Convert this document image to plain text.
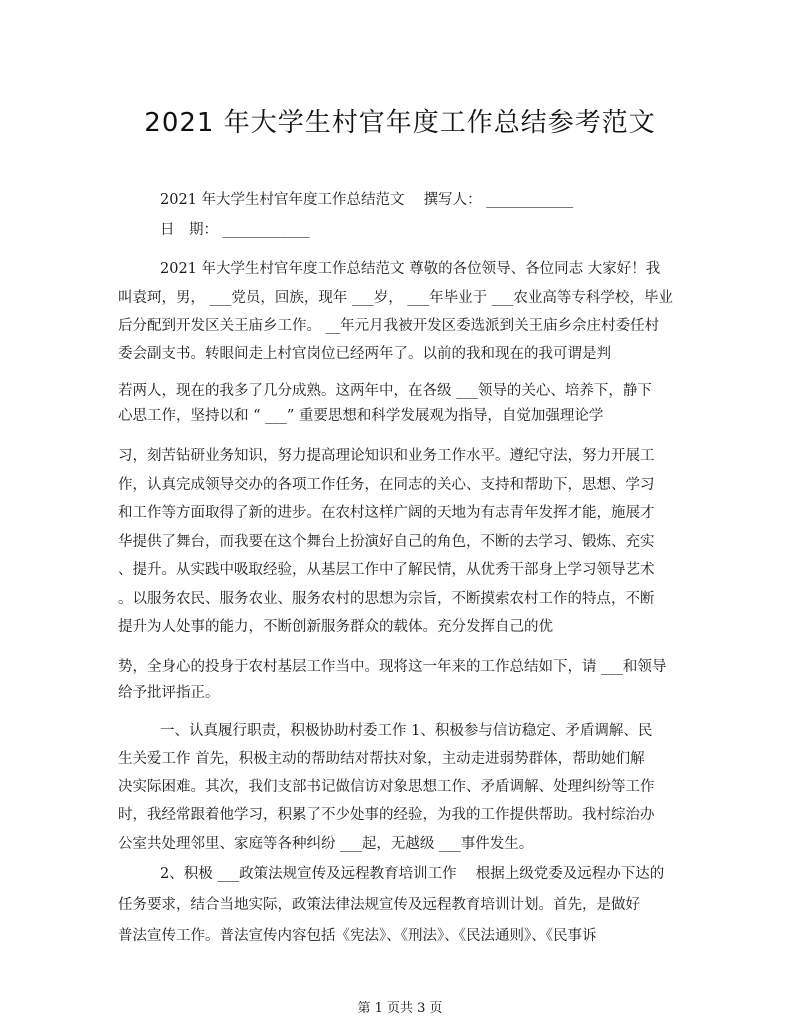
2021 年大学生村官年度工作总结参考范文
2021 年大学生村官年度工作总结范文　 撰写人： ____________
日　期： ____________
2021 年大学生村官年度工作总结范文 尊敬的各位领导、各位同志 大家好！我
叫袁珂，男， ___党员，回族，现年 ___岁， ___年毕业于 ___农业高等专科学校，毕业
后分配到开发区关王庙乡工作。 __年元月我被开发区委选派到关王庙乡佘庄村委任村
委会副支书。转眼间走上村官岗位已经两年了。以前的我和现在的我可谓是判
若两人，现在的我多了几分成熟。这两年中，在各级 ___领导的关心、培养下，静下
心思工作，坚持以和 “ ___” 重要思想和科学发展观为指导，自觉加强理论学
习，刻苦钻研业务知识，努力提高理论知识和业务工作水平。遵纪守法，努力开展工
作，认真完成领导交办的各项工作任务，在同志的关心、支持和帮助下，思想、学习
和工作等方面取得了新的进步。在农村这样广阔的天地为有志青年发挥才能，施展才
华提供了舞台，而我要在这个舞台上扮演好自己的角色，不断的去学习、锻炼、充实
、提升。从实践中吸取经验，从基层工作中了解民情，从优秀干部身上学习领导艺术
。以服务农民、服务农业、服务农村的思想为宗旨，不断摸索农村工作的特点，不断
提升为人处事的能力，不断创新服务群众的载体。充分发挥自己的优
势，全身心的投身于农村基层工作当中。现将这一年来的工作总结如下，请 ___和领导
给予批评指正。
一、认真履行职责，积极协助村委工作 1、积极参与信访稳定、矛盾调解、民
生关爱工作 首先，积极主动的帮助结对帮扶对象，主动走进弱势群体，帮助她们解
决实际困难。其次，我们支部书记做信访对象思想工作、矛盾调解、处理纠纷等工作
时，我经常跟着他学习，积累了不少处事的经验，为我的工作提供帮助。我村综治办
公室共处理邻里、家庭等各种纠纷 ___起，无越级 ___事件发生。
2、积极 ___政策法规宣传及远程教育培训工作　 根据上级党委及远程办下达的
任务要求，结合当地实际，政策法律法规宣传及远程教育培训计划。首先，是做好
普法宣传工作。普法宣传内容包括《宪法》、《刑法》、《民法通则》、《民事诉
第 1 页共 3 页
